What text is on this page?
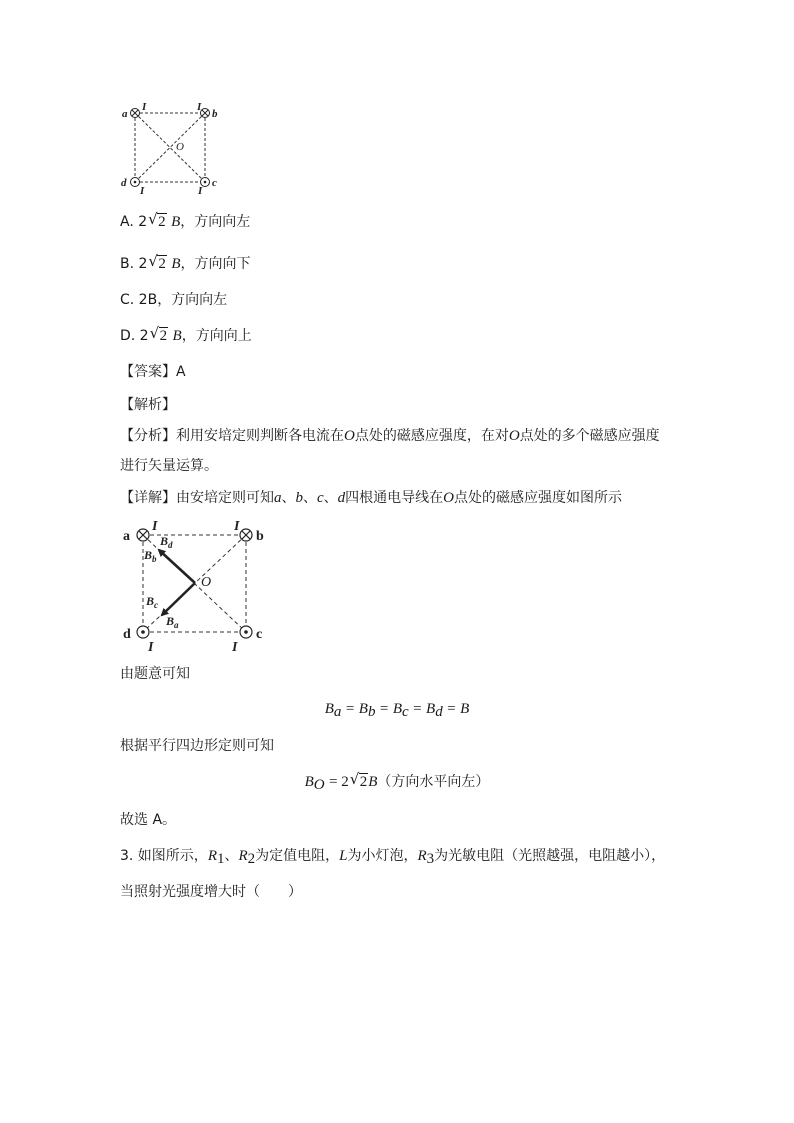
a	b
c
d
I	I
I	I
O
A. 2 √ 2 B，方向向左
B. 2 √ 2 B，方向向下
C. 2B，方向向左
D. 2 √ 2 B，方向向上
【答案】A
【解析】
【分析】利用安培定则判断各电流在O点处的磁感应强度，在对O点处的多个磁感应强度
进行矢量运算。
【详解】由安培定则可知a、b、c、d四根通电导线在O点处的磁感应强度如图所示
a	b
c
d
I	I
I	I
O
$B_d$
$B_b$
$B_c$
$B_a$
由题意可知
$B_a = B_b = B_c = B_d = B$
根据平行四边形定则可知
$B_O = 2$ √ 2B（方向水平向左）
故选 A。
3. 如图所示，$R_1$、$R_2$为定值电阻，L为小灯泡，$R_3$为光敏电阻（光照越强，电阻越小），
当照射光强度增大时（　　）
